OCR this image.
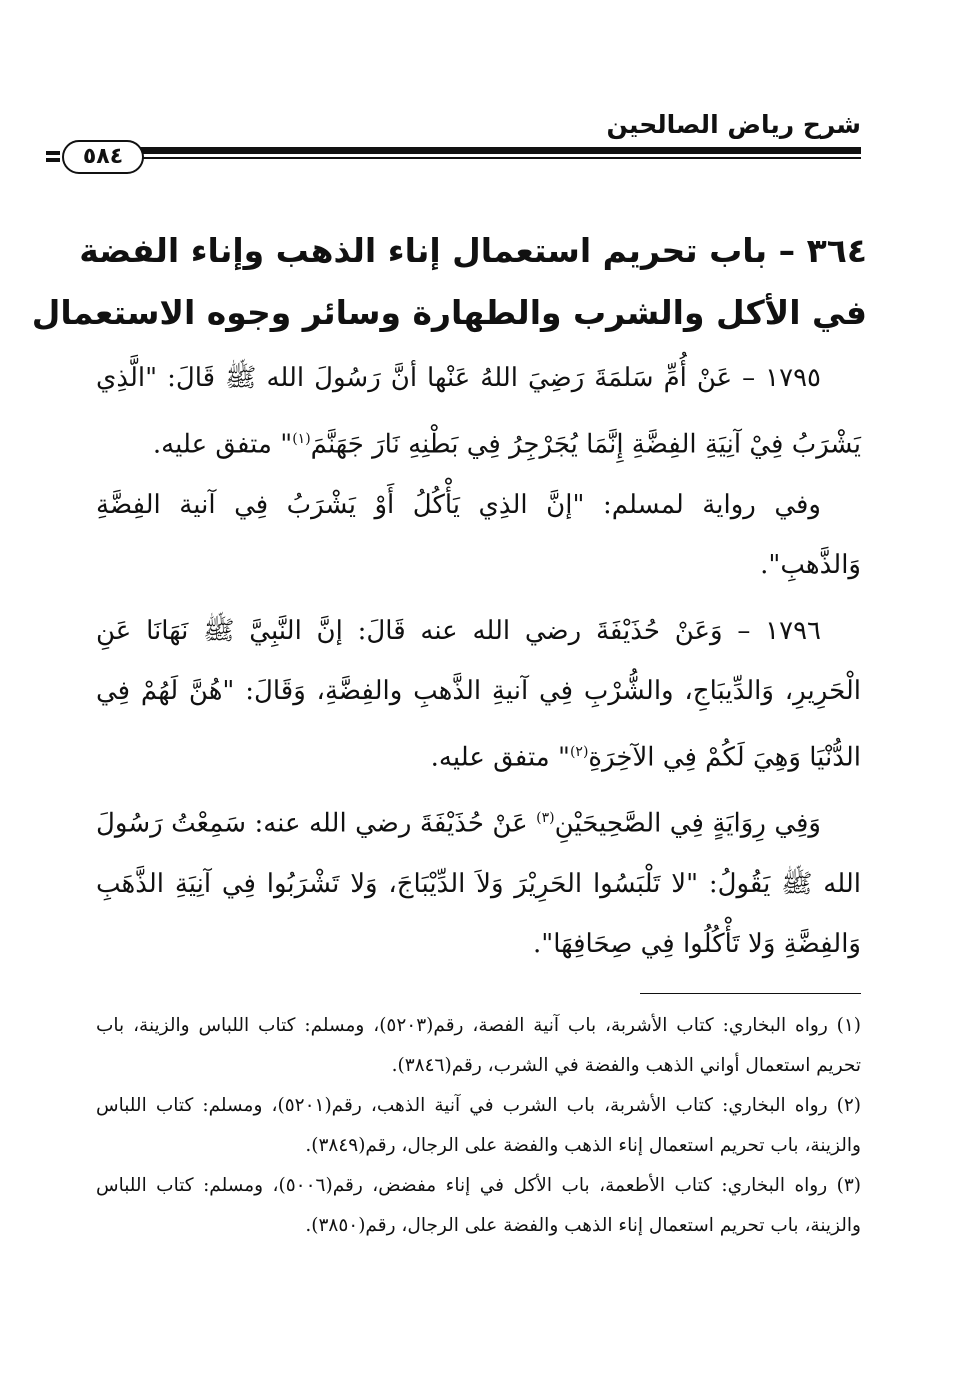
شرح رياض الصالحين
٥٨٤
٣٦٤ – باب تحريم استعمال إناء الذهب وإناء الفضة
في الأكل والشرب والطهارة وسائر وجوه الاستعمال

١٧٩٥ – عَنْ أُمِّ سَلمَةَ رَضِيَ اللهُ عَنْها أنَّ رَسُولَ الله ﷺ قَالَ: "الَّذِي يَشْرَبُ فِيْ آنِيَةِ الفِضَّةِ إِنَّمَا يُجَرْجِرُ فِي بَطْنِهِ نَارَ جَهَنَّمَ$^{(١)}$" متفق عليه.

وفي رواية لمسلم: "إنَّ الذِي يَأْكُلُ أَوْ يَشْرَبُ فِي آنية الفِضَّةِ وَالذَّهبِ".

١٧٩٦ – وَعَنْ حُذَيْفَةَ رضي الله عنه قَالَ: إنَّ النَّبِيَّ ﷺ نَهَانَا عَنِ الْحَرِيرِ، وَالدِّيبَاجِ، والشُّرْبِ فِي آنيةِ الذَّهبِ والفِضَّةِ، وَقَالَ: "هُنَّ لَهُمْ فِي الدُّنْيَا وَهِيَ لَكُمْ فِي الآخِرَةِ$^{(٢)}$" متفق عليه.

وَفِي رِوَايَةٍ فِي الصَّحِيحَيْنِ$^{(٣)}$ عَنْ حُذَيْفَةَ رضي الله عنه: سَمِعْتُ رَسُولَ الله ﷺ يَقُولُ: "لا تَلْبَسُوا الحَرِيْرَ وَلاَ الدِّيْبَاجَ، وَلا تَشْرَبُوا فِي آنِيَةِ الذَّهَبِ وَالفِضَّةِ وَلا تَأْكُلُوا فِي صِحَافِهَا".

(١) رواه البخاري: كتاب الأشربة، باب آنية الفصة، رقم(٥٢٠٣)، ومسلم: كتاب اللباس والزينة، باب تحريم استعمال أواني الذهب والفضة في الشرب، رقم(٣٨٤٦).

(٢) رواه البخاري: كتاب الأشربة، باب الشرب في آنية الذهب، رقم(٥٢٠١)، ومسلم: كتاب اللباس والزينة، باب تحريم استعمال إناء الذهب والفضة على الرجال، رقم(٣٨٤٩).

(٣) رواه البخاري: كتاب الأطعمة، باب الأكل في إناء مفضض، رقم(٥٠٠٦)، ومسلم: كتاب اللباس والزينة، باب تحريم استعمال إناء الذهب والفضة على الرجال، رقم(٣٨٥٠).
